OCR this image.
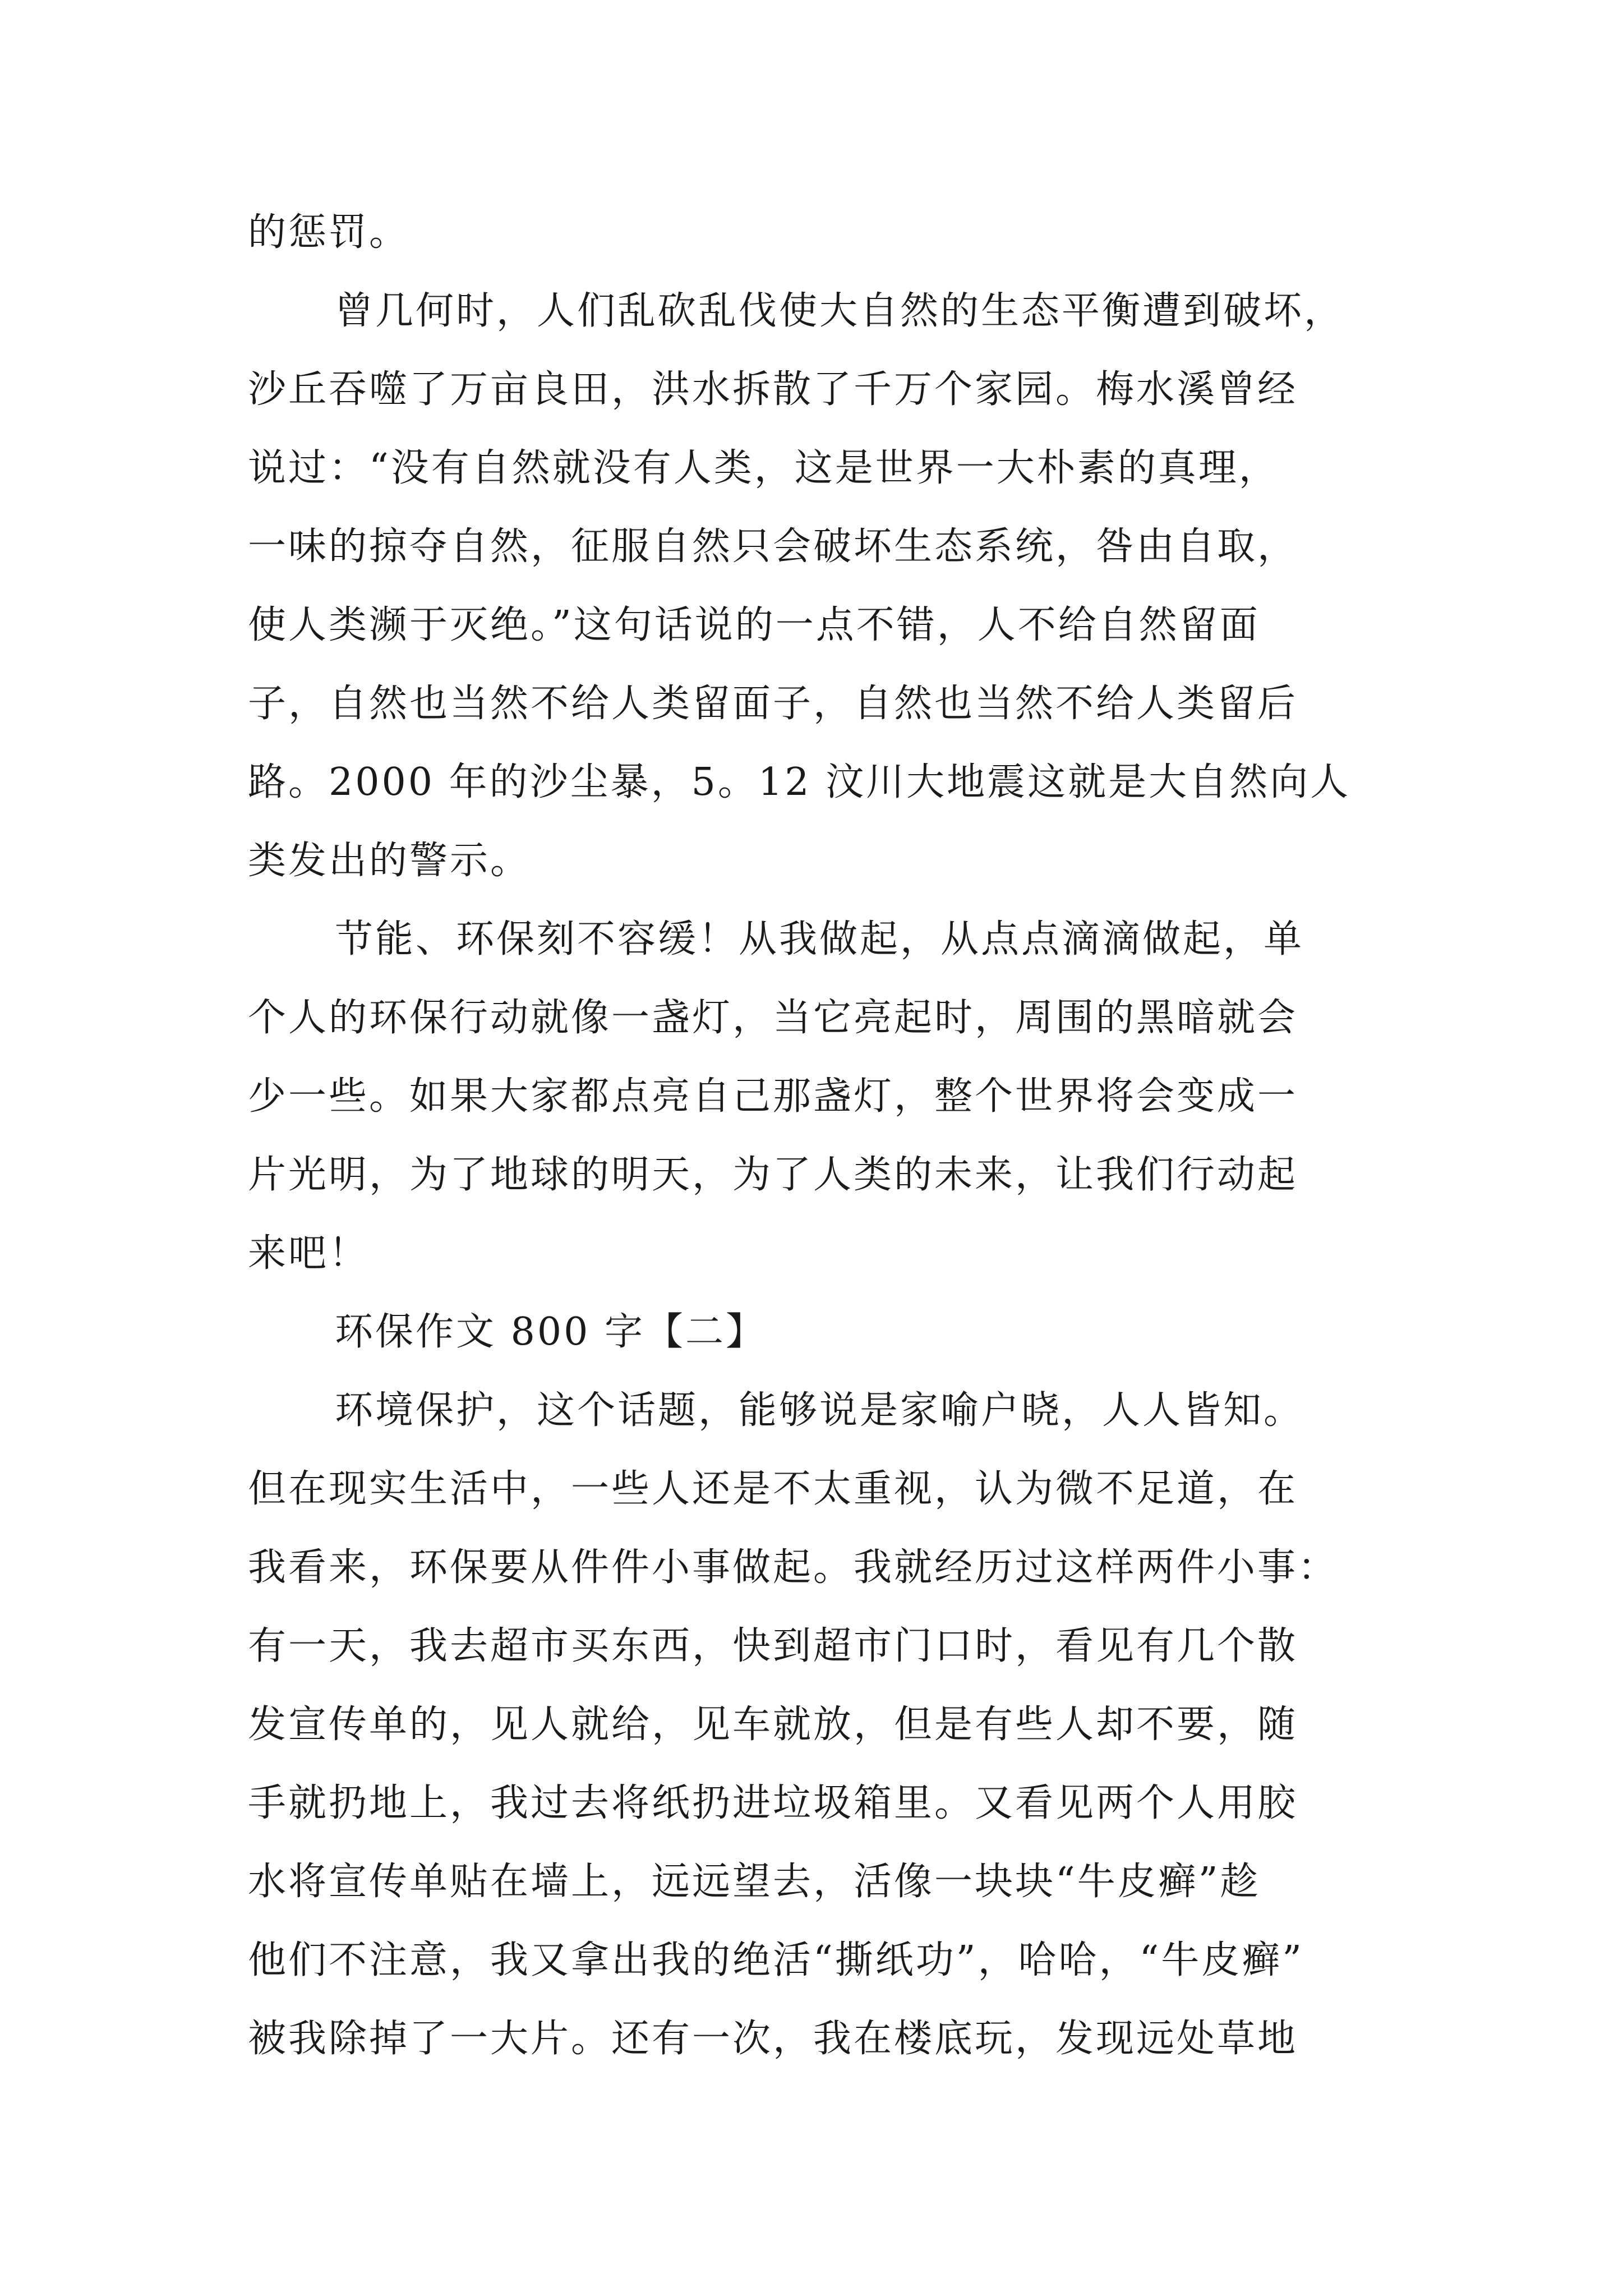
的惩罚。
曾几何时，人们乱砍乱伐使大自然的生态平衡遭到破坏，
沙丘吞噬了万亩良田，洪水拆散了千万个家园。梅水溪曾经
说过：“没有自然就没有人类，这是世界一大朴素的真理，
一味的掠夺自然，征服自然只会破坏生态系统，咎由自取，
使人类濒于灭绝。”这句话说的一点不错，人不给自然留面
子，自然也当然不给人类留面子，自然也当然不给人类留后
路。2000 年的沙尘暴，5。12 汶川大地震这就是大自然向人
类发出的警示。
节能、环保刻不容缓！从我做起，从点点滴滴做起，单
个人的环保行动就像一盏灯，当它亮起时，周围的黑暗就会
少一些。如果大家都点亮自己那盏灯，整个世界将会变成一
片光明，为了地球的明天，为了人类的未来，让我们行动起
来吧！
环保作文 800 字【二】
环境保护，这个话题，能够说是家喻户晓，人人皆知。
但在现实生活中，一些人还是不太重视，认为微不足道，在
我看来，环保要从件件小事做起。我就经历过这样两件小事：
有一天，我去超市买东西，快到超市门口时，看见有几个散
发宣传单的，见人就给，见车就放，但是有些人却不要，随
手就扔地上，我过去将纸扔进垃圾箱里。又看见两个人用胶
水将宣传单贴在墙上，远远望去，活像一块块“牛皮癣”趁
他们不注意，我又拿出我的绝活“撕纸功”，哈哈，“牛皮癣”
被我除掉了一大片。还有一次，我在楼底玩，发现远处草地
